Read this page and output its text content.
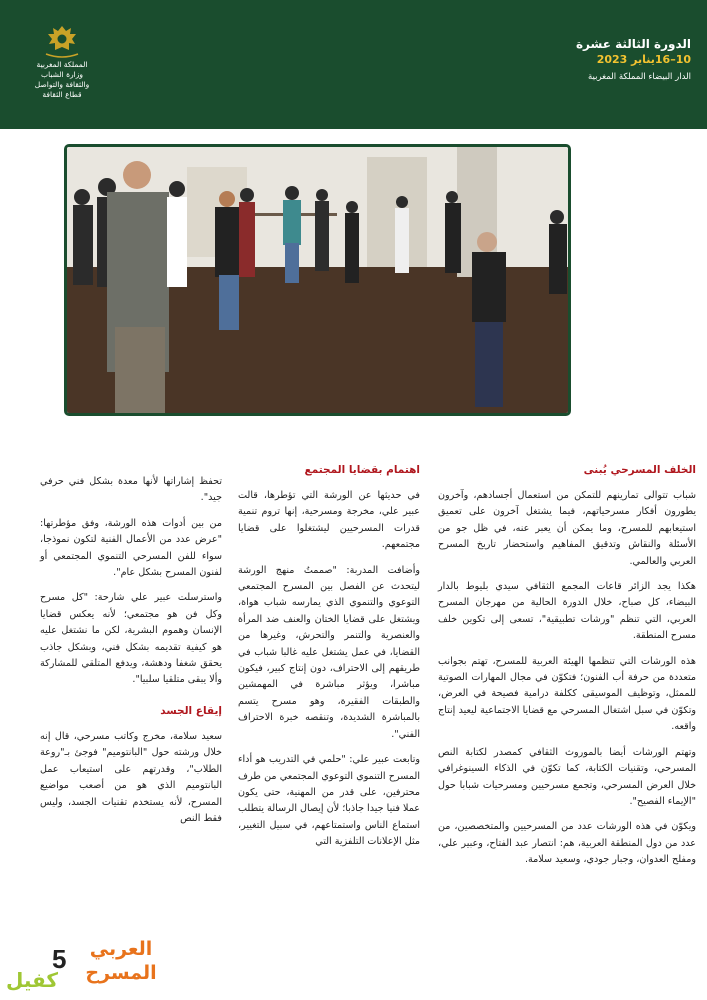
المملكة المغربية
وزارة الشباب
والثقافة والتواصل
قطاع الثقافة
الدورة الثالثة عشرة
10–16يناير 2023
الدار البيضاء المملكة المغربية
الخلف المسرحي يُبنى

شباب تتوالى تمارينهم للتمكن من استعمال أجسادهم، وآخرون يطورون أفكار مسرحياتهم، فيما يشتغل آخرون على تعميق استيعابهم للمسرح، وما يمكن أن يعبر عنه، في ظل جو من الأسئلة والنقاش وتدقيق المفاهيم واستحضار تاريخ المسرح العربي والعالمي.

هكذا يجد الزائر قاعات المجمع الثقافي سيدي بليوط بالدار البيضاء، كل صباح، خلال الدورة الحالية من مهرجان المسرح العربي، التي تنظم "ورشات تطبيقية"، تسعى إلى تكوين خلف مسرح المنطقة.

هذه الورشات التي تنظمها الهيئة العربية للمسرح، تهتم بجوانب متعددة من حرفة أب الفنون؛ فتكوّن في مجال المهارات الصوتية للممثل، وتوظيف الموسيقى ككلفة درامية فصيحة في العرض، وتكوّن في سبل اشتغال المسرحي مع قضايا الاجتماعية ليعيد إنتاج واقعه.

وتهتم الورشات أيضا بالموروث الثقافي كمصدر لكتابة النص المسرحي، وتقنيات الكتابة، كما تكوّن في الذكاء السينوغرافي خلال العرض المسرحي، وتجمع مسرحيين ومسرحيات شبابا حول "الإيماء الفصيح".

ويكوّن في هذه الورشات عدد من المسرحيين والمتخصصين، من عدد من دول المنطقة العربية، هم: انتصار عبد الفتاح، وعبير علي، ومفلح العدوان، وجبار جودي، وسعيد سلامة.

اهتمام بقضايا المجتمع

في حديثها عن الورشة التي تؤطرها، قالت عبير علي، مخرجة ومسرحية، إنها تروم تنمية قدرات المسرحيين ليشتغلوا على قضايا مجتمعهم.

وأضافت المدربة: "صممتُ منهج الورشة ليتحدث عن الفصل بين المسرح المجتمعي التوعوي والتنموي الذي يمارسه شباب هواة، ويشتغل على قضايا الختان والعنف ضد المرأة والعنصرية والتنمر والتحرش، وغيرها من القضايا، في عمل يشتغل عليه غالبا شباب في طريقهم إلى الاحتراف، دون إنتاج كبير، فيكون مباشرا، ويؤثر مباشرة في المهمشين والطبقات الفقيرة، وهو مسرح يتسم بالمباشرة الشديدة، وتنقصه خبرة الاحتراف الفني".

وتابعت عبير علي: "حلمي في التدريب هو أداء المسرح التنموي التوعوي المجتمعي من طرف محترفين، على قدر من المهنية، حتى يكون عملا فنيا جيدا جاذبا؛ لأن إيصال الرسالة يتطلب استماع الناس واستمتاعهم، في سبيل التغيير، مثل الإعلانات التلفزية التي

تحفظ إشاراتها لأنها معدة بشكل فني حرفي جيد".

من بين أدوات هذه الورشة، وفق مؤطرتها: "عرض عدد من الأعمال الفنية لتكون نموذجا، سواء للفن المسرحي التنموي المجتمعي أو لفنون المسرح بشكل عام".

واسترسلت عبير علي شارحة: "كل مسرح وكل فن هو مجتمعي؛ لأنه يعكس قضايا الإنسان وهموم البشرية، لكن ما نشتغل عليه هو كيفية تقديمه بشكل فني، وبشكل جاذب يحقق شغفا ودهشة، ويدفع المتلقي للمشاركة وألا يبقى متلقيا سلبيا".

إيقاع الجسد

سعيد سلامة، مخرج وكاتب مسرحي، قال إنه خلال ورشته حول "البانتوميم" فوجئ بـ"روعة الطلاب"، وقدرتهم على استيعاب عمل البانتوميم الذي هو من أصعب مواضيع المسرح، لأنه يستخدم تقنيات الجسد، وليس فقط النص

5	العربي
المسرح
كفيل
